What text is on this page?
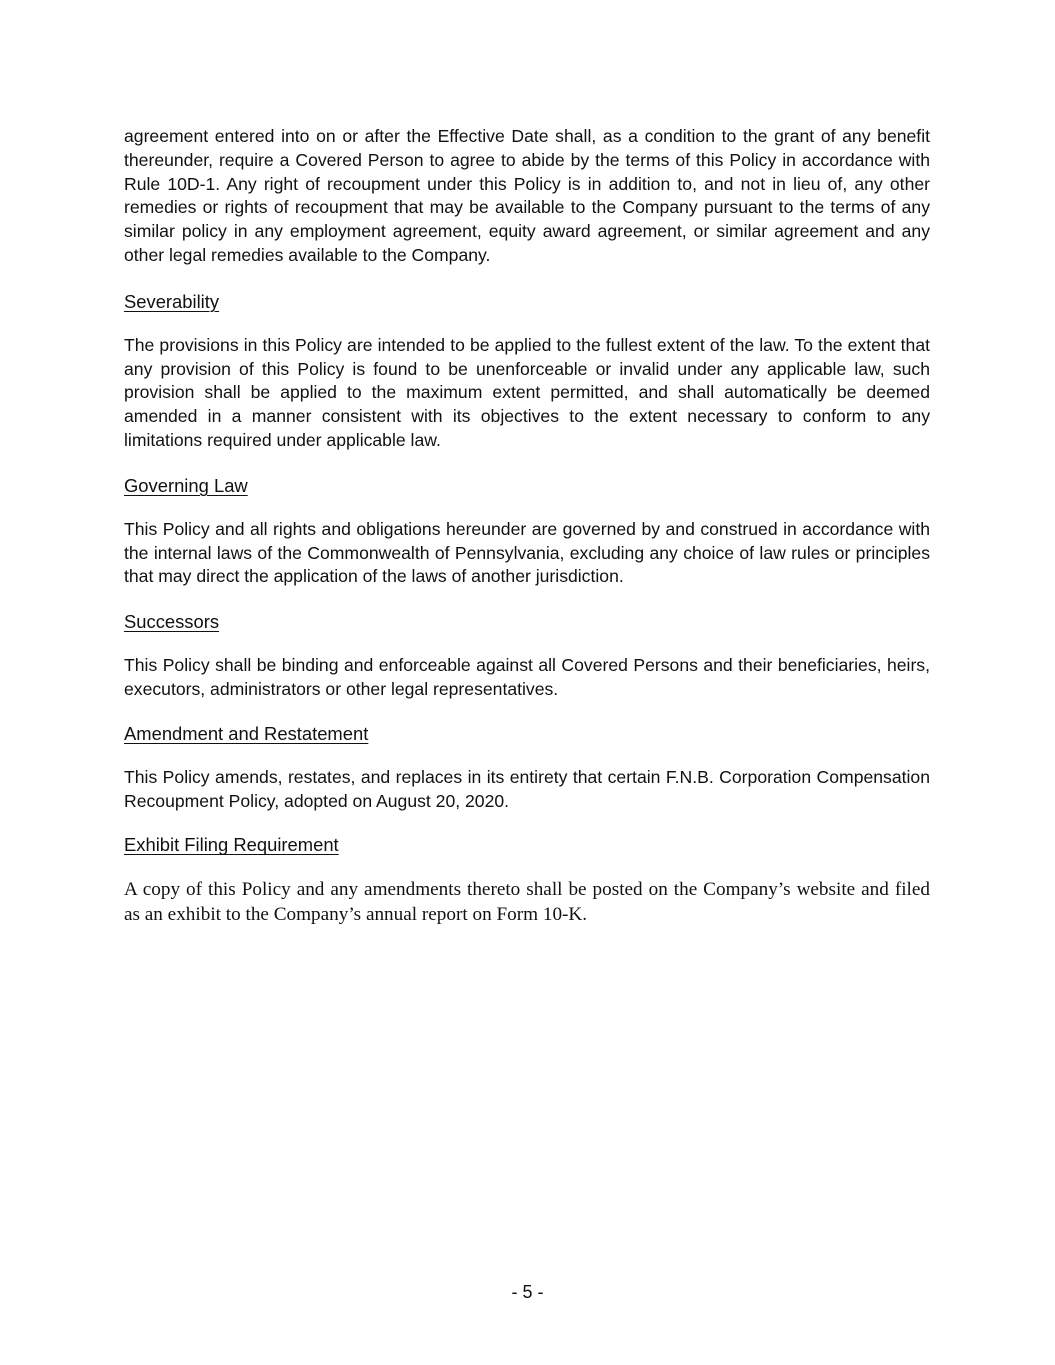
agreement entered into on or after the Effective Date shall, as a condition to the grant of any benefit thereunder, require a Covered Person to agree to abide by the terms of this Policy in accordance with Rule 10D-1. Any right of recoupment under this Policy is in addition to, and not in lieu of, any other remedies or rights of recoupment that may be available to the Company pursuant to the terms of any similar policy in any employment agreement, equity award agreement, or similar agreement and any other legal remedies available to the Company.

Severability

The provisions in this Policy are intended to be applied to the fullest extent of the law. To the extent that any provision of this Policy is found to be unenforceable or invalid under any applicable law, such provision shall be applied to the maximum extent permitted, and shall automatically be deemed amended in a manner consistent with its objectives to the extent necessary to conform to any limitations required under applicable law.

Governing Law

This Policy and all rights and obligations hereunder are governed by and construed in accordance with the internal laws of the Commonwealth of Pennsylvania, excluding any choice of law rules or principles that may direct the application of the laws of another jurisdiction.

Successors

This Policy shall be binding and enforceable against all Covered Persons and their beneficiaries, heirs, executors, administrators or other legal representatives.

Amendment and Restatement

This Policy amends, restates, and replaces in its entirety that certain F.N.B. Corporation Compensation Recoupment Policy, adopted on August 20, 2020.

Exhibit Filing Requirement

A copy of this Policy and any amendments thereto shall be posted on the Company’s website and filed as an exhibit to the Company’s annual report on Form 10-K.

- 5 -
